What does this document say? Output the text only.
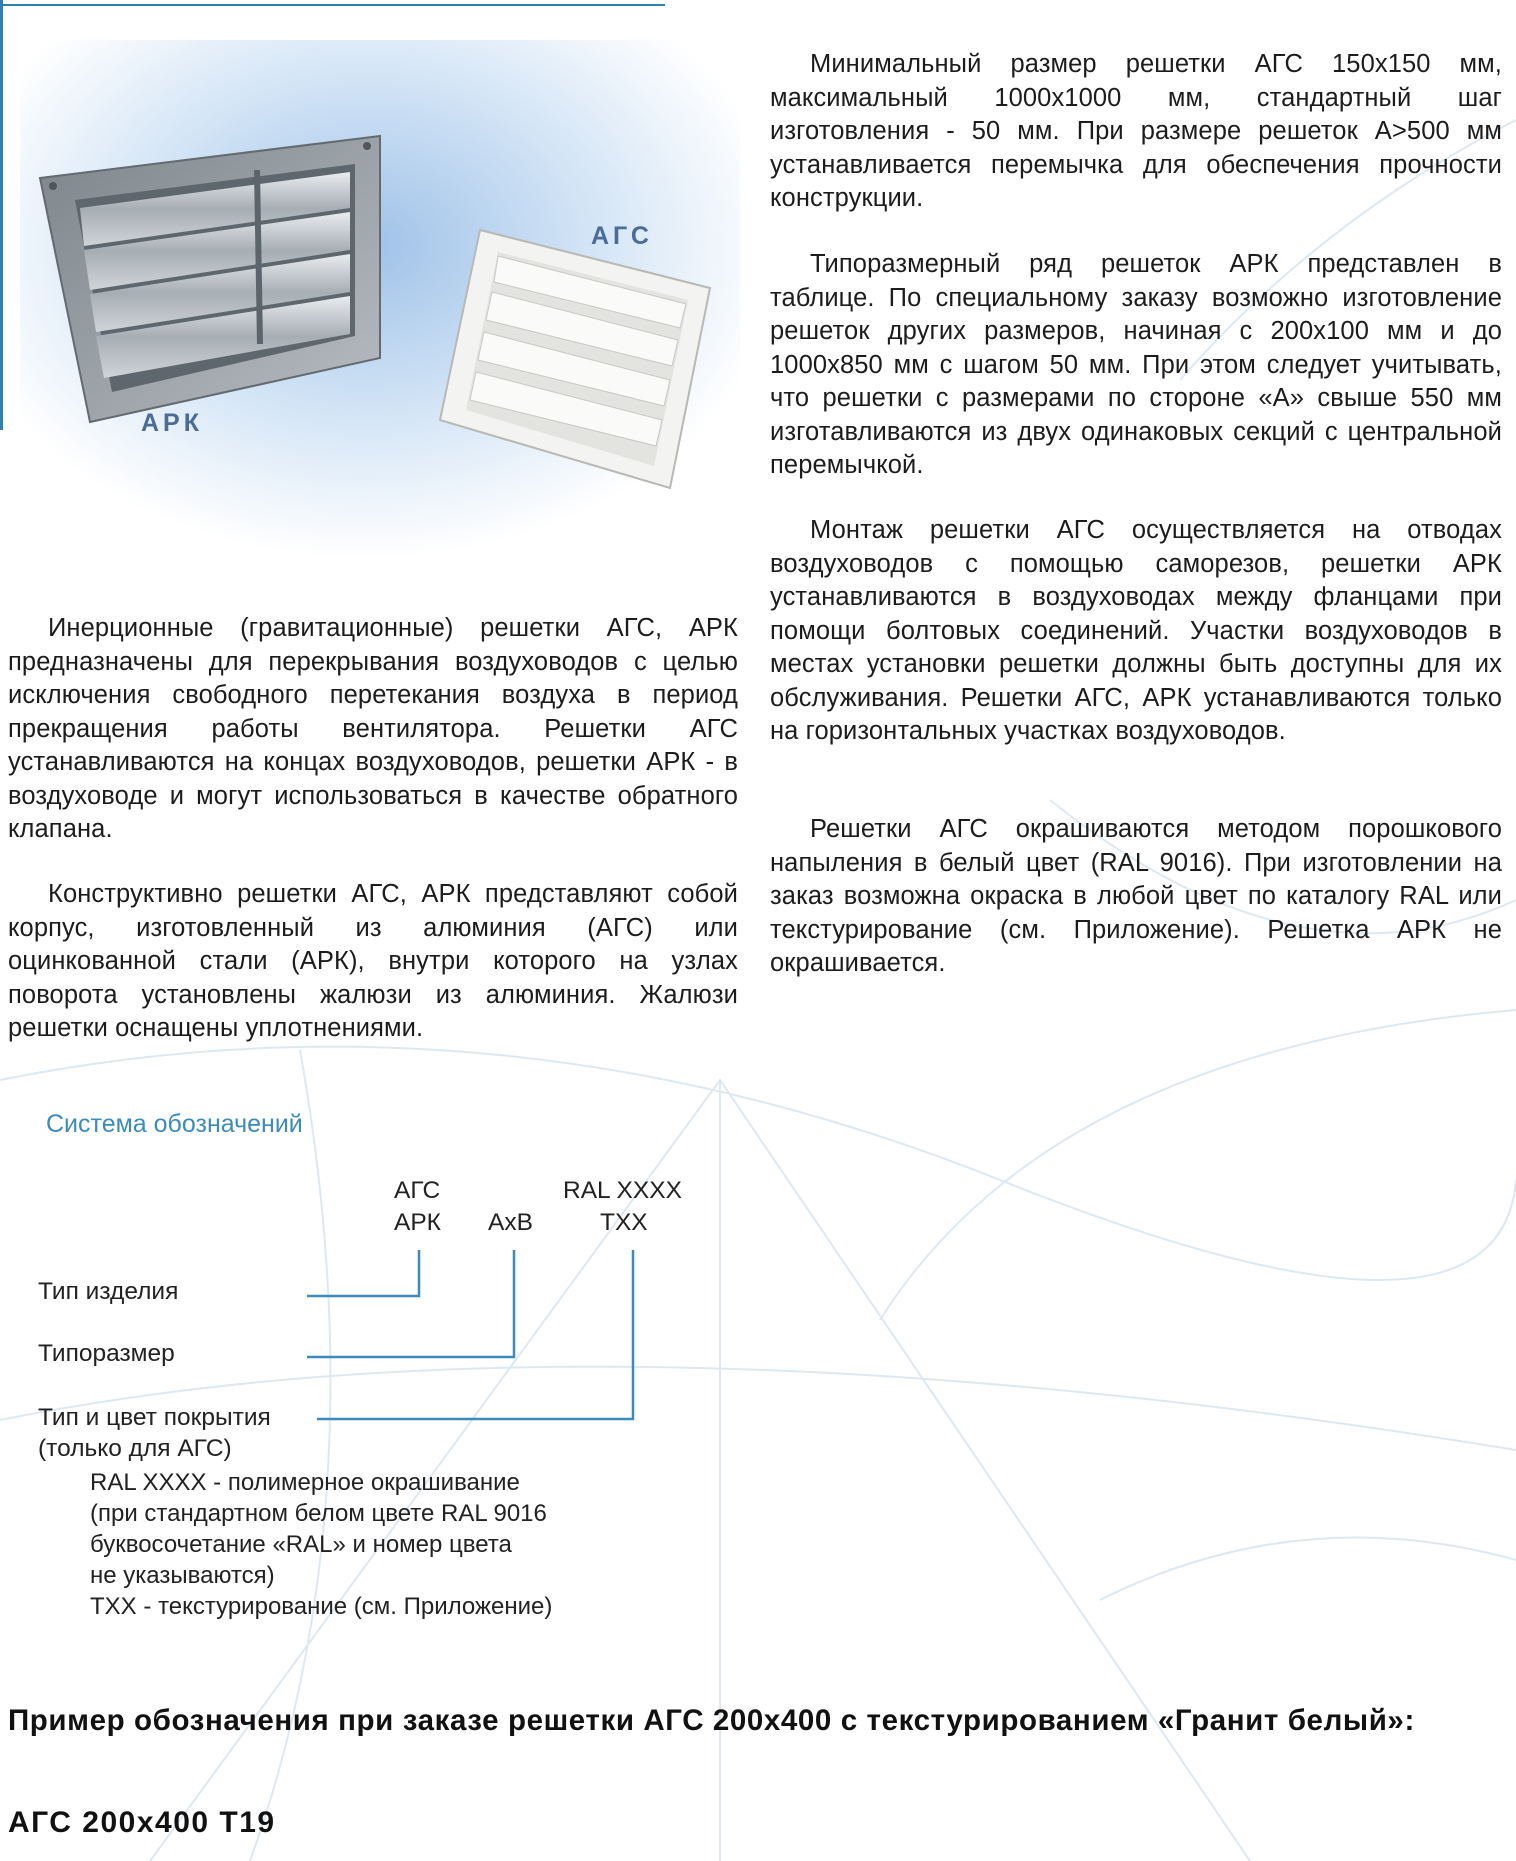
АРК
АГС

Минимальный размер решетки АГС 150х150 мм, максимальный 1000х1000 мм, стандартный шаг изготовления - 50 мм. При размере решеток А>500 мм устанавливается перемычка для обеспечения прочности конструкции.

Типоразмерный ряд решеток АРК представлен в таблице. По специальному заказу возможно изготовление решеток других размеров, начиная с 200х100 мм и до 1000х850 мм с шагом 50 мм. При этом следует учитывать, что решетки с размерами по стороне «А» свыше 550 мм изготавливаются из двух одинаковых секций с центральной перемычкой.

Монтаж решетки АГС осуществляется на отводах воздуховодов с помощью саморезов, решетки АРК устанавливаются в воздуховодах между фланцами при помощи болтовых соединений. Участки воздуховодов в местах установки решетки должны быть доступны для их обслуживания. Решетки АГС, АРК устанавливаются только на горизонтальных участках воздуховодов.

Решетки АГС окрашиваются методом порошкового напыления в белый цвет (RAL 9016). При изготовлении на заказ возможна окраска в любой цвет по каталогу RAL или текстурирование (см. Приложение). Решетка АРК не окрашивается.

Инерционные (гравитационные) решетки АГС, АРК предназначены для перекрывания воздуховодов с целью исключения свободного перетекания воздуха в период прекращения работы вентилятора. Решетки АГС устанавливаются на концах воздуховодов, решетки АРК - в воздуховоде и могут использоваться в качестве обратного клапана.

Конструктивно решетки АГС, АРК представляют собой корпус, изготовленный из алюминия (АГС) или оцинкованной стали (АРК), внутри которого на узлах поворота установлены жалюзи из алюминия. Жалюзи решетки оснащены уплотнениями.

Система обозначений
АГС
АРК АхВ
RAL XXXX
ТХХ
Тип изделия
Типоразмер
Тип и цвет покрытия
(только для АГС)
RAL XXXX - полимерное окрашивание
(при стандартном белом цвете RAL 9016
буквосочетание «RAL» и номер цвета
не указываются)
ТХХ - текстурирование (см. Приложение)

Пример обозначения при заказе решетки АГС 200х400 с текстурированием «Гранит белый»:

АГС 200х400 Т19
